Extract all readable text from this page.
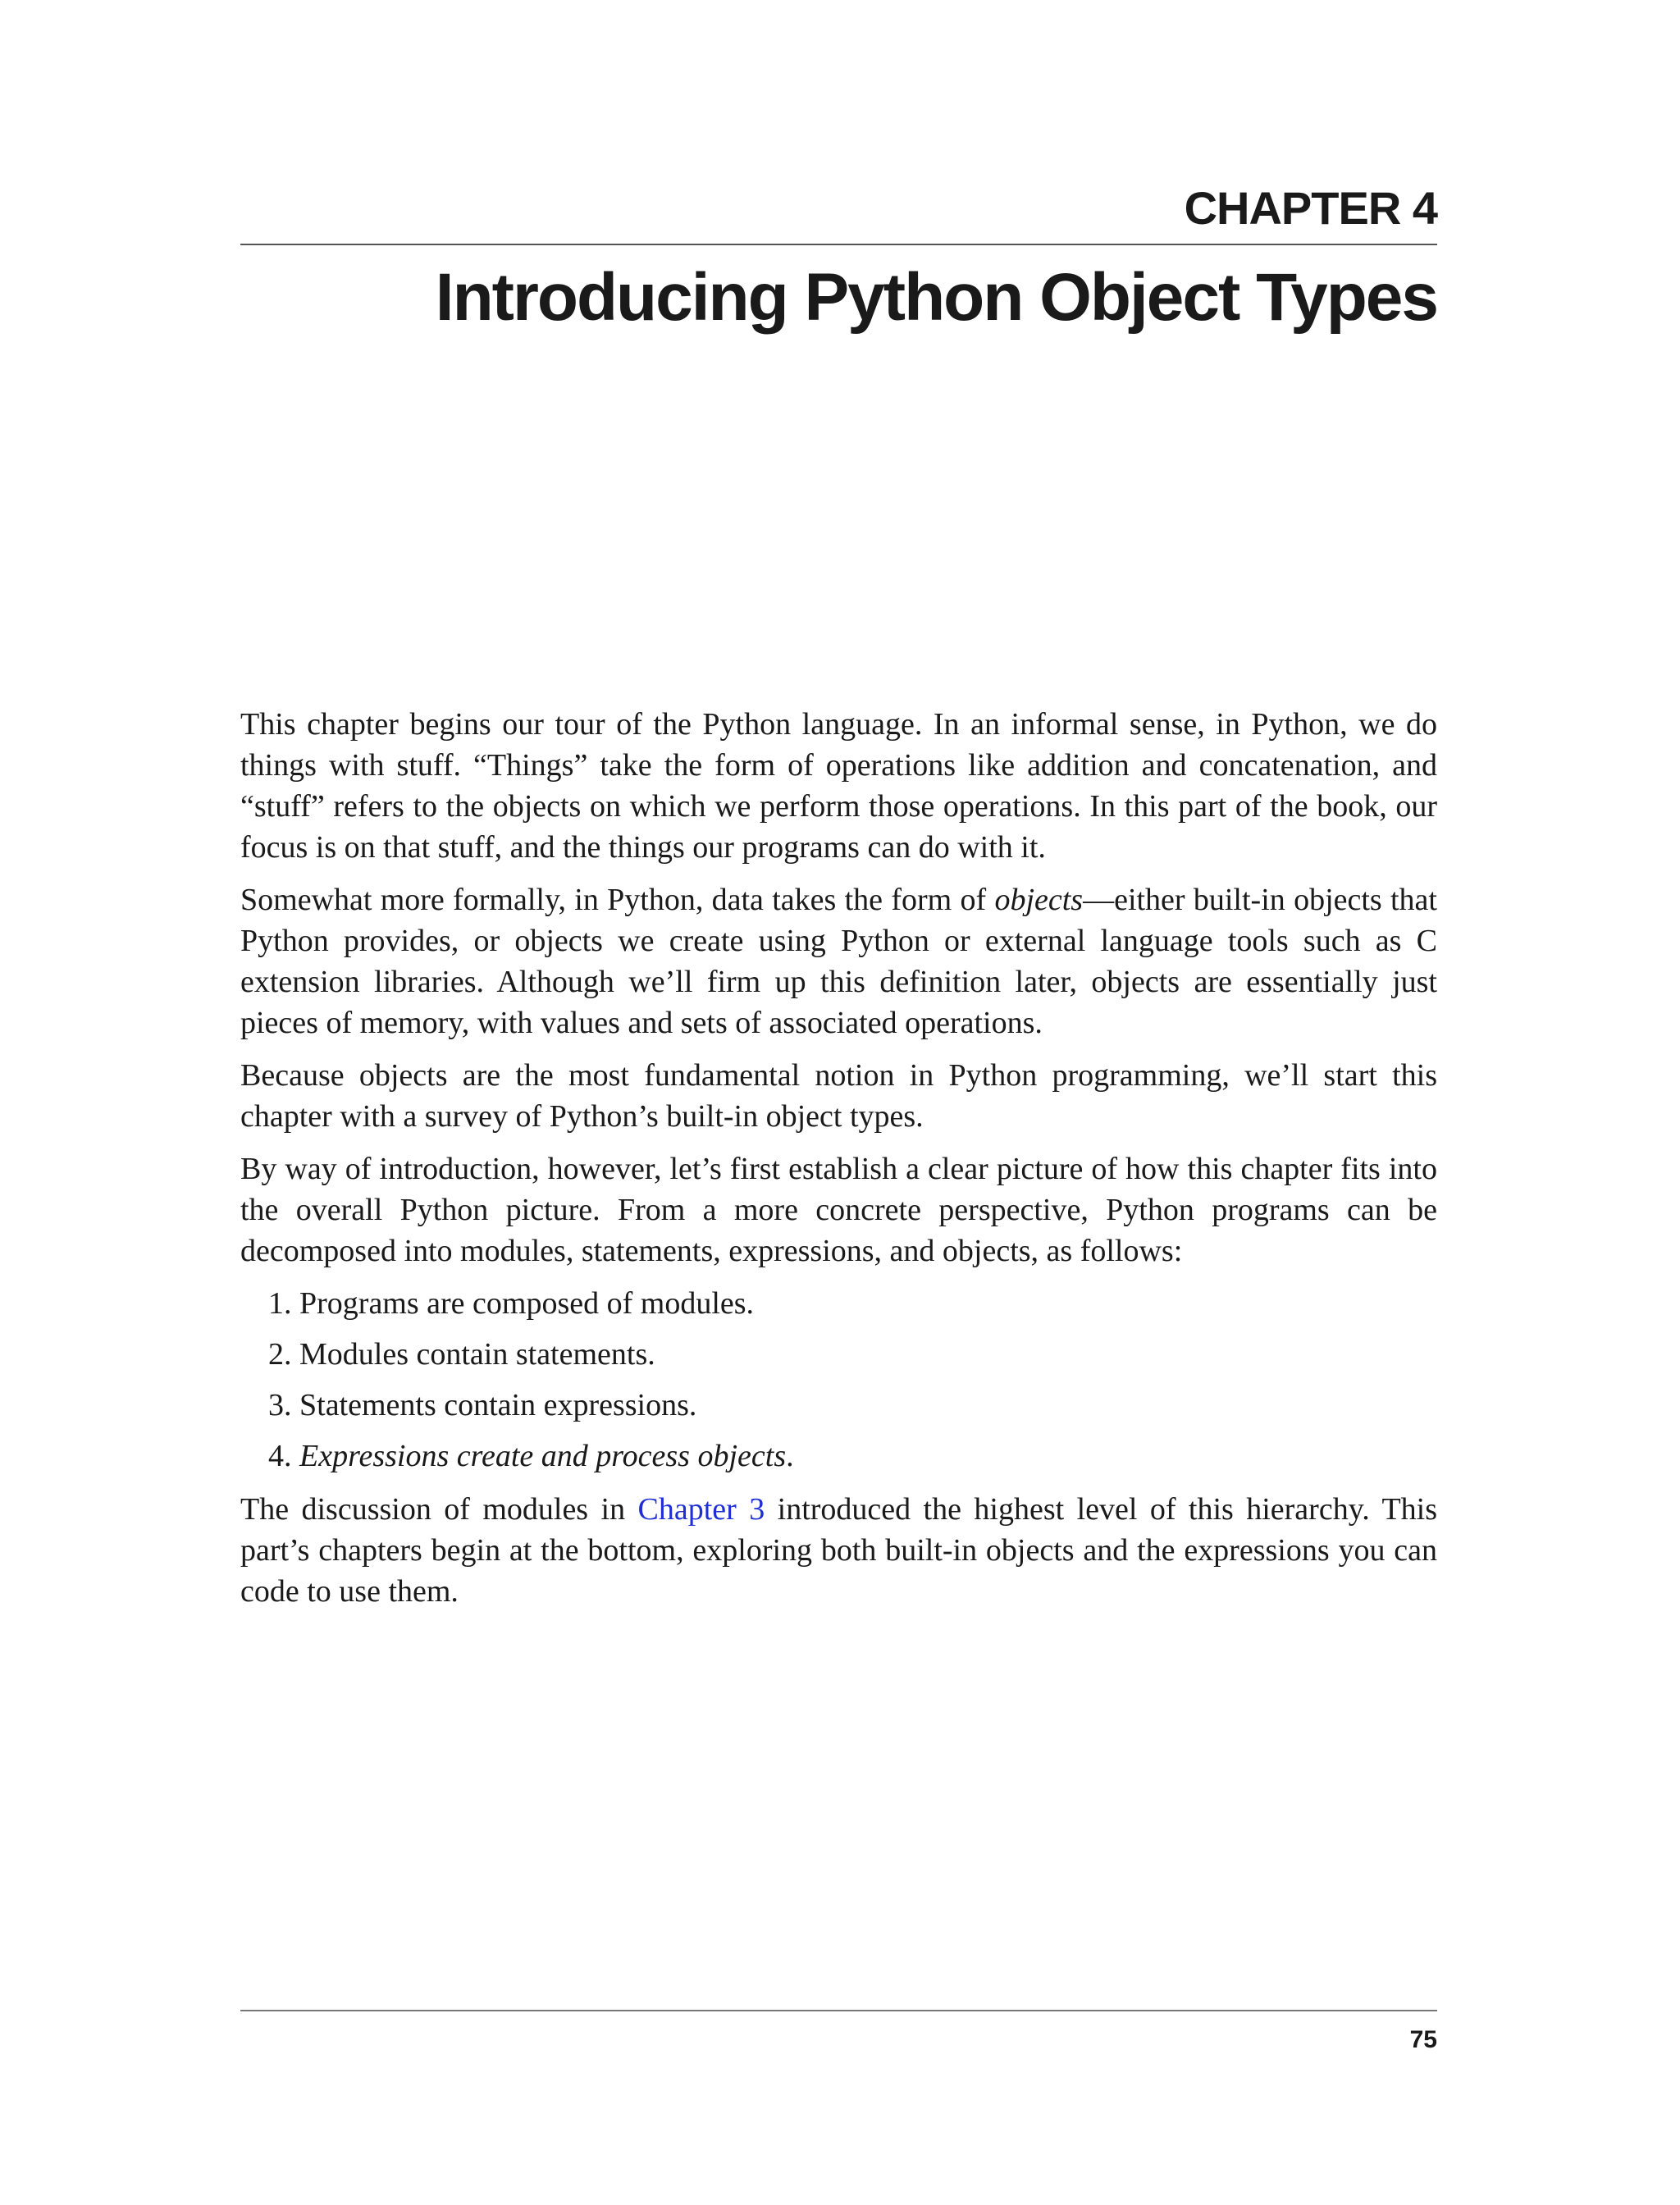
CHAPTER 4
Introducing Python Object Types

This chapter begins our tour of the Python language. In an informal sense, in Python, we do things with stuff. “Things” take the form of operations like addition and concatenation, and “stuff” refers to the objects on which we perform those operations. In this part of the book, our focus is on that stuff, and the things our programs can do with it.

Somewhat more formally, in Python, data takes the form of objects—either built-in objects that Python provides, or objects we create using Python or external language tools such as C extension libraries. Although we’ll firm up this definition later, objects are essentially just pieces of memory, with values and sets of associated operations.

Because objects are the most fundamental notion in Python programming, we’ll start this chapter with a survey of Python’s built-in object types.

By way of introduction, however, let’s first establish a clear picture of how this chapter fits into the overall Python picture. From a more concrete perspective, Python programs can be decomposed into modules, statements, expressions, and objects, as follows:

1. Programs are composed of modules.
2. Modules contain statements.
3. Statements contain expressions.
4. Expressions create and process objects.

The discussion of modules in Chapter 3 introduced the highest level of this hierarchy. This part’s chapters begin at the bottom, exploring both built-in objects and the expressions you can code to use them.

75
